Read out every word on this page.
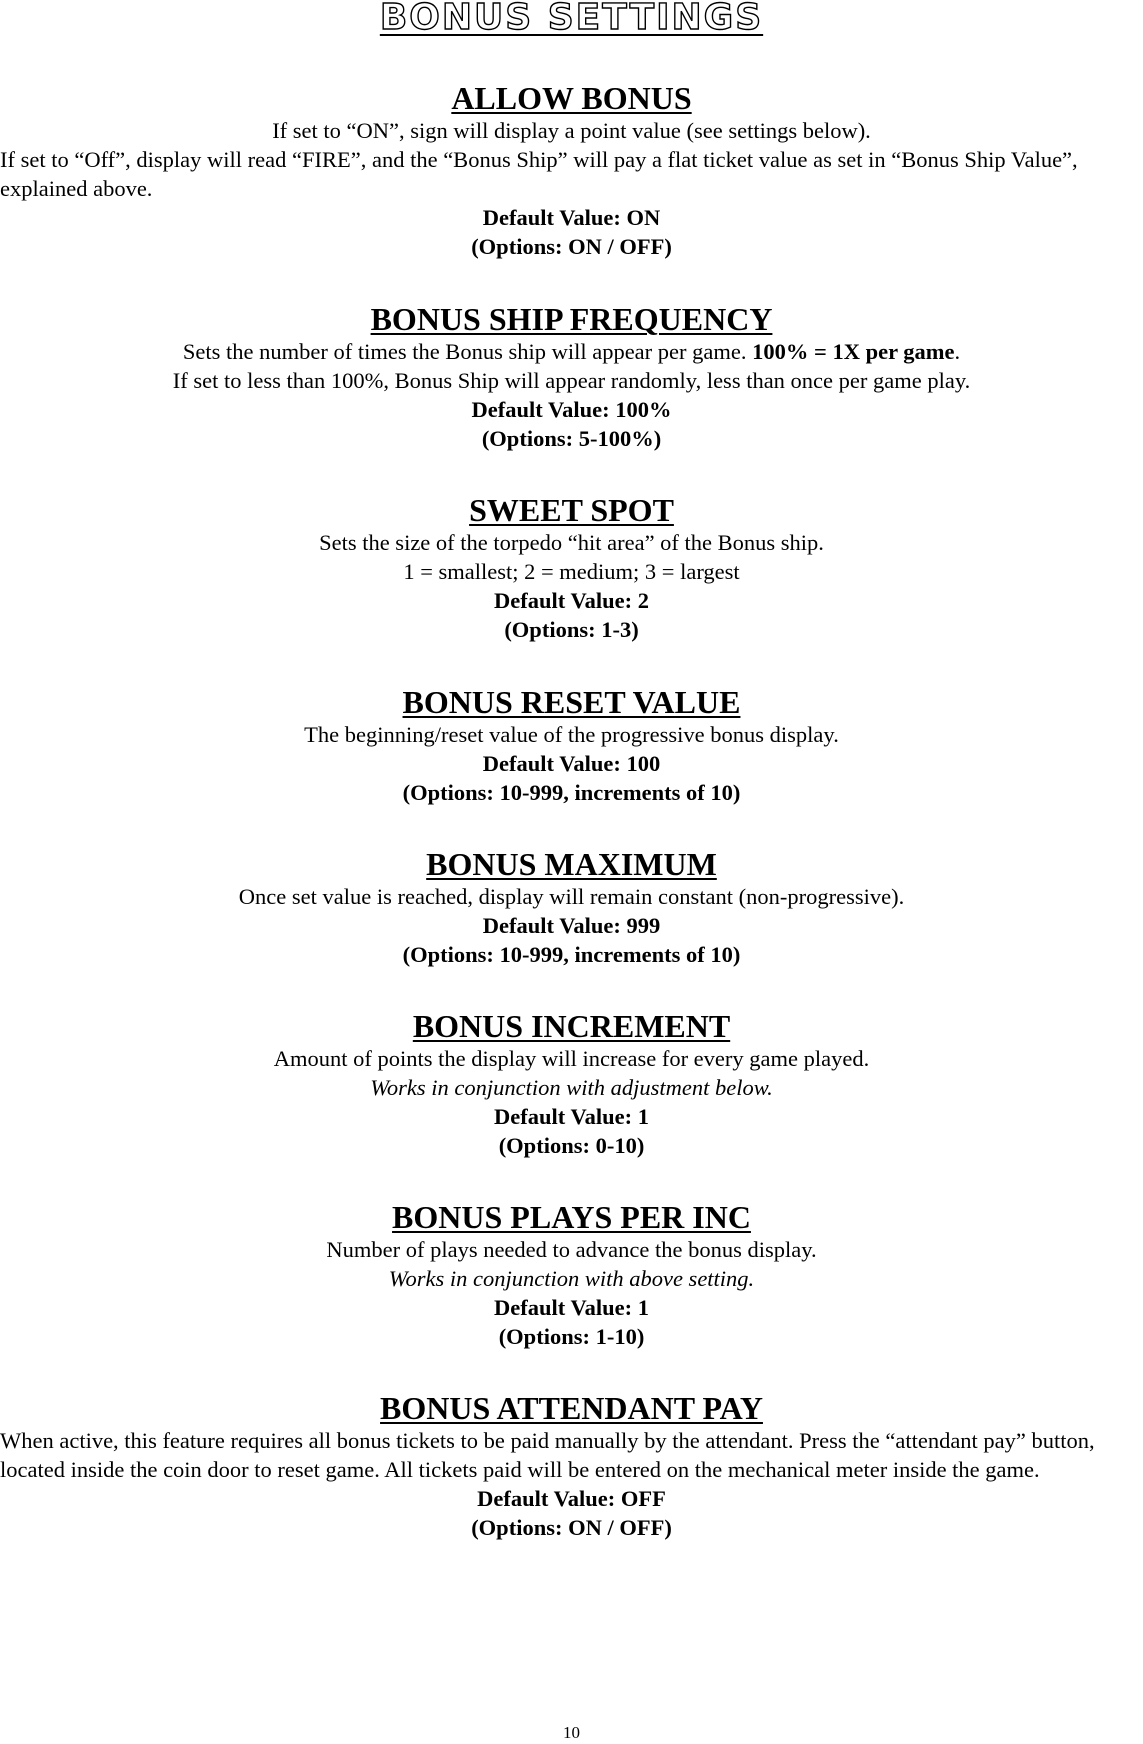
BONUS SETTINGS
ALLOW BONUS

If set to “ON”, sign will display a point value (see settings below).

If set to “Off”, display will read “FIRE”, and the “Bonus Ship” will pay a flat ticket value as set in “Bonus Ship Value”, explained above.

Default Value: ON

(Options: ON / OFF)

BONUS SHIP FREQUENCY

Sets the number of times the Bonus ship will appear per game. 100% = 1X per game.

If set to less than 100%, Bonus Ship will appear randomly, less than once per game play.

Default Value: 100%

(Options: 5-100%)

SWEET SPOT

Sets the size of the torpedo “hit area” of the Bonus ship.

1 = smallest; 2 = medium; 3 = largest

Default Value: 2

(Options: 1-3)

BONUS RESET VALUE

The beginning/reset value of the progressive bonus display.

Default Value: 100

(Options: 10-999, increments of 10)

BONUS MAXIMUM

Once set value is reached, display will remain constant (non-progressive).

Default Value: 999

(Options: 10-999, increments of 10)

BONUS INCREMENT

Amount of points the display will increase for every game played.

Works in conjunction with adjustment below.

Default Value: 1

(Options: 0-10)

BONUS PLAYS PER INC

Number of plays needed to advance the bonus display.

Works in conjunction with above setting.

Default Value: 1

(Options: 1-10)

BONUS ATTENDANT PAY

When active, this feature requires all bonus tickets to be paid manually by the attendant. Press the “attendant pay” button, located inside the coin door to reset game. All tickets paid will be entered on the mechanical meter inside the game.

Default Value: OFF

(Options: ON / OFF)

10
